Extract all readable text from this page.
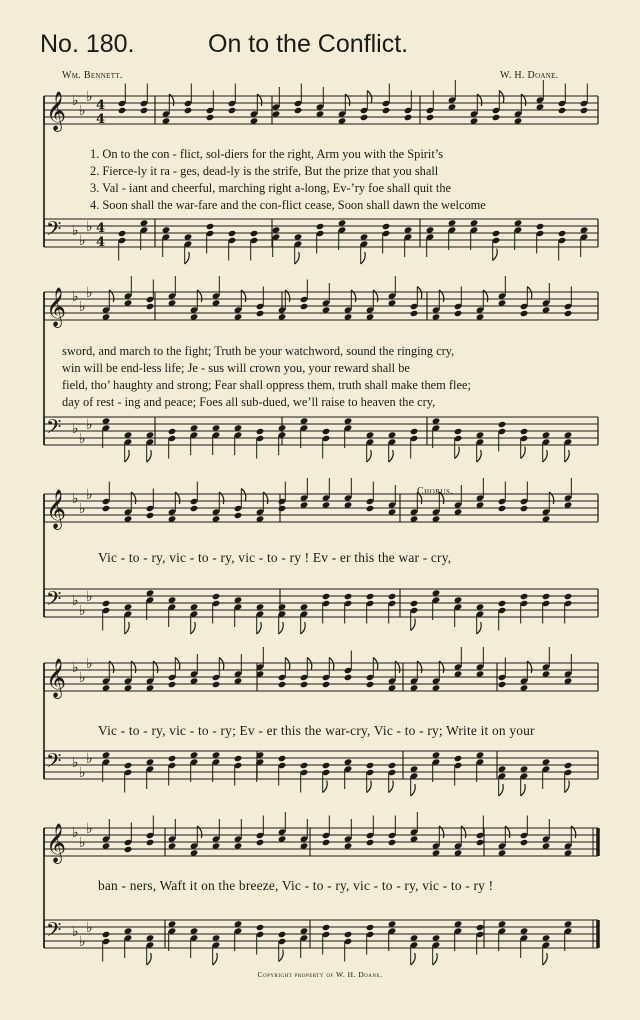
No. 180.	On to the Conflict.
Wm. Bennett.	W. H. Doane.
𝄞 ♭
♭
♭
4
4
𝄢 ♭
♭
♭ 4
4
𝄞 ♭
♭
♭
𝄢 ♭
♭
♭
𝄞 ♭
♭
♭
𝄢 ♭
♭
♭
𝄞 ♭
♭
♭
𝄢 ♭
♭
♭
𝄞 ♭
♭
♭
𝄢 ♭
♭
♭
1. On to the con - flict, sol-diers for the right, Arm you with the Spirit’s
2. Fierce-ly it ra - ges, dead-ly is the strife, But the prize that you shall
3. Val - iant and cheerful, marching right a-long, Ev-’ry foe shall quit the
4. Soon shall the war-fare and the con-flict cease, Soon shall dawn the welcome
sword, and march to the fight; Truth be your watchword, sound the ringing cry,
win will be end-less life; Je - sus will crown you, your reward shall be
field, tho’ haughty and strong; Fear shall oppress them, truth shall make them flee;
day of rest - ing and peace; Foes all sub-dued, we’ll raise to heaven the cry,
Chorus.
Vic - to - ry, vic - to - ry, vic - to - ry ! Ev - er this the war - cry,
Vic - to - ry, vic - to - ry; Ev - er this the war-cry, Vic - to - ry; Write it on your
ban - ners, Waft it on the breeze, Vic - to - ry, vic - to - ry, vic - to - ry !
Copyright property of W. H. Doane.
